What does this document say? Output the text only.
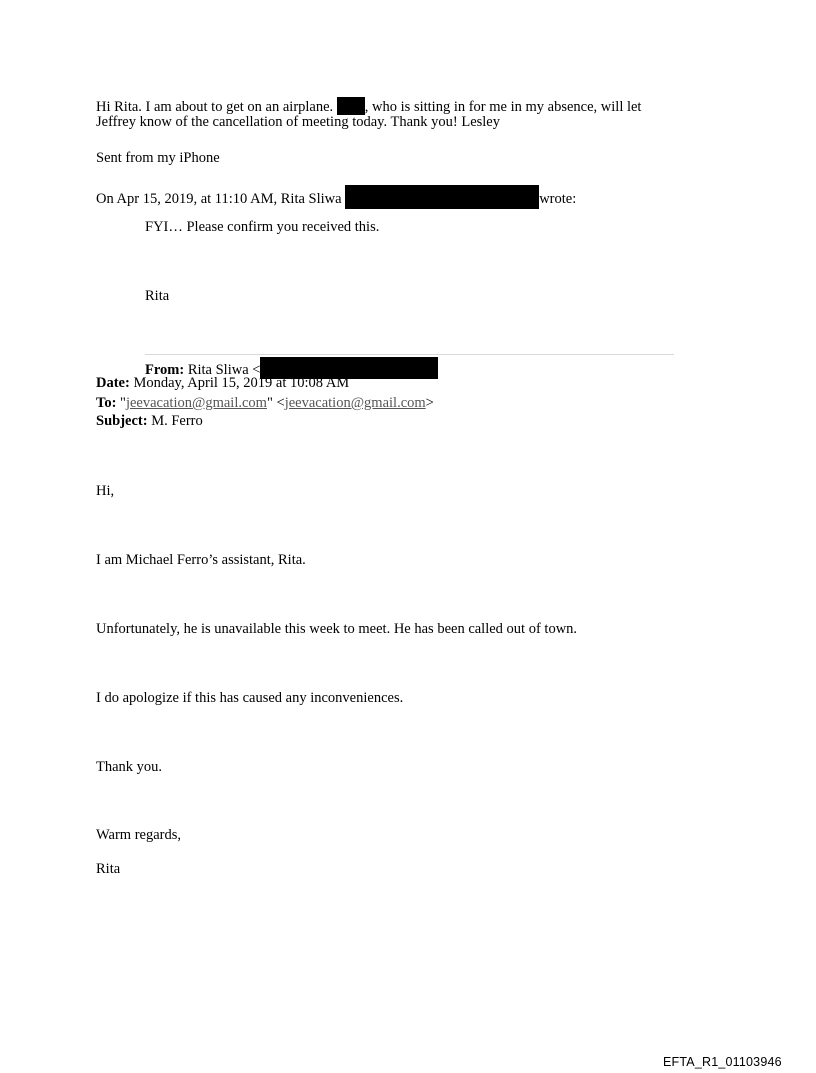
Hi Rita. I am about to get on an airplane. , who is sitting in for me in my absence, will let
Jeffrey know of the cancellation of meeting today. Thank you! Lesley
Sent from my iPhone
On Apr 15, 2019, at 11:10 AM, Rita Sliwa	wrote:
FYI… Please confirm you received this.
Rita
From: Rita Sliwa <
Date: Monday, April 15, 2019 at 10:08 AM
To: "jeevacation@gmail.com" <jeevacation@gmail.com>
Subject: M. Ferro
Hi,
I am Michael Ferro’s assistant, Rita.
Unfortunately, he is unavailable this week to meet. He has been called out of town.
I do apologize if this has caused any inconveniences.
Thank you.
Warm regards,
Rita
EFTA_R1_01103946
